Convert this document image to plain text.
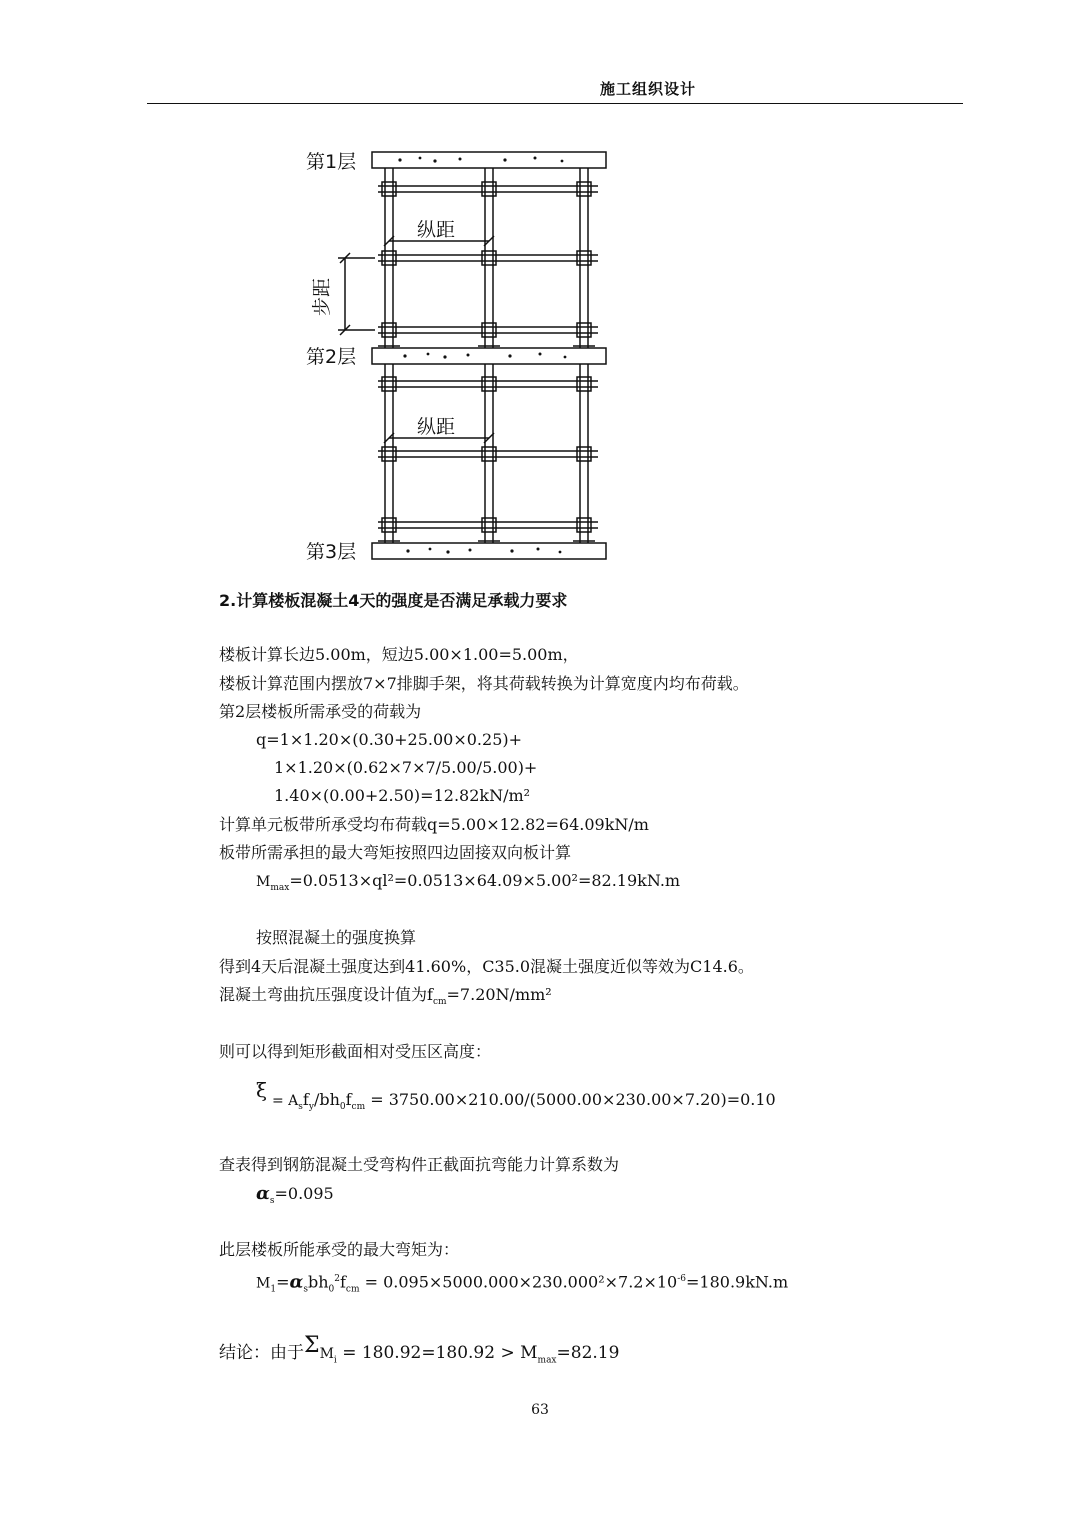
施工组织设计
第1层
第2层
第3层
纵距
纵距
步距
2.计算楼板混凝土4天的强度是否满足承载力要求
楼板计算长边5.00m，短边5.00×1.00=5.00m，
楼板计算范围内摆放7×7排脚手架，将其荷载转换为计算宽度内均布荷载。
第2层楼板所需承受的荷载为
q=1×1.20×(0.30+25.00×0.25)+
1×1.20×(0.62×7×7/5.00/5.00)+
1.40×(0.00+2.50)=12.82kN/m²
计算单元板带所承受均布荷载q=5.00×12.82=64.09kN/m
板带所需承担的最大弯矩按照四边固接双向板计算
$M_{max}=0.0513\times ql^2=0.0513\times 64.09\times 5.00^2=82.19kN.m$
按照混凝土的强度换算
得到4天后混凝土强度达到41.60%，C35.0混凝土强度近似等效为C14.6。
混凝土弯曲抗压强度设计值为$f_{cm}=7.20N$/mm²
则可以得到矩形截面相对受压区高度：
$\xi = A_sf_y/bh_0f_{cm} = 3750.00\times 210.00/(5000.00\times 230.00\times 7.20)=0.10$
查表得到钢筋混凝土受弯构件正截面抗弯能力计算系数为
$\alpha_s=0.095$
此层楼板所能承受的最大弯矩为：
$M_1=\alpha_sbh_0^2f_{cm} = 0.095\times 5000.000\times 230.000^2\times 7.2\times 10^{-6}=180.9kN.m$
结论：由于$\Sigma M_i = 180.92=180.92 > M_{max}=82.19$
63
